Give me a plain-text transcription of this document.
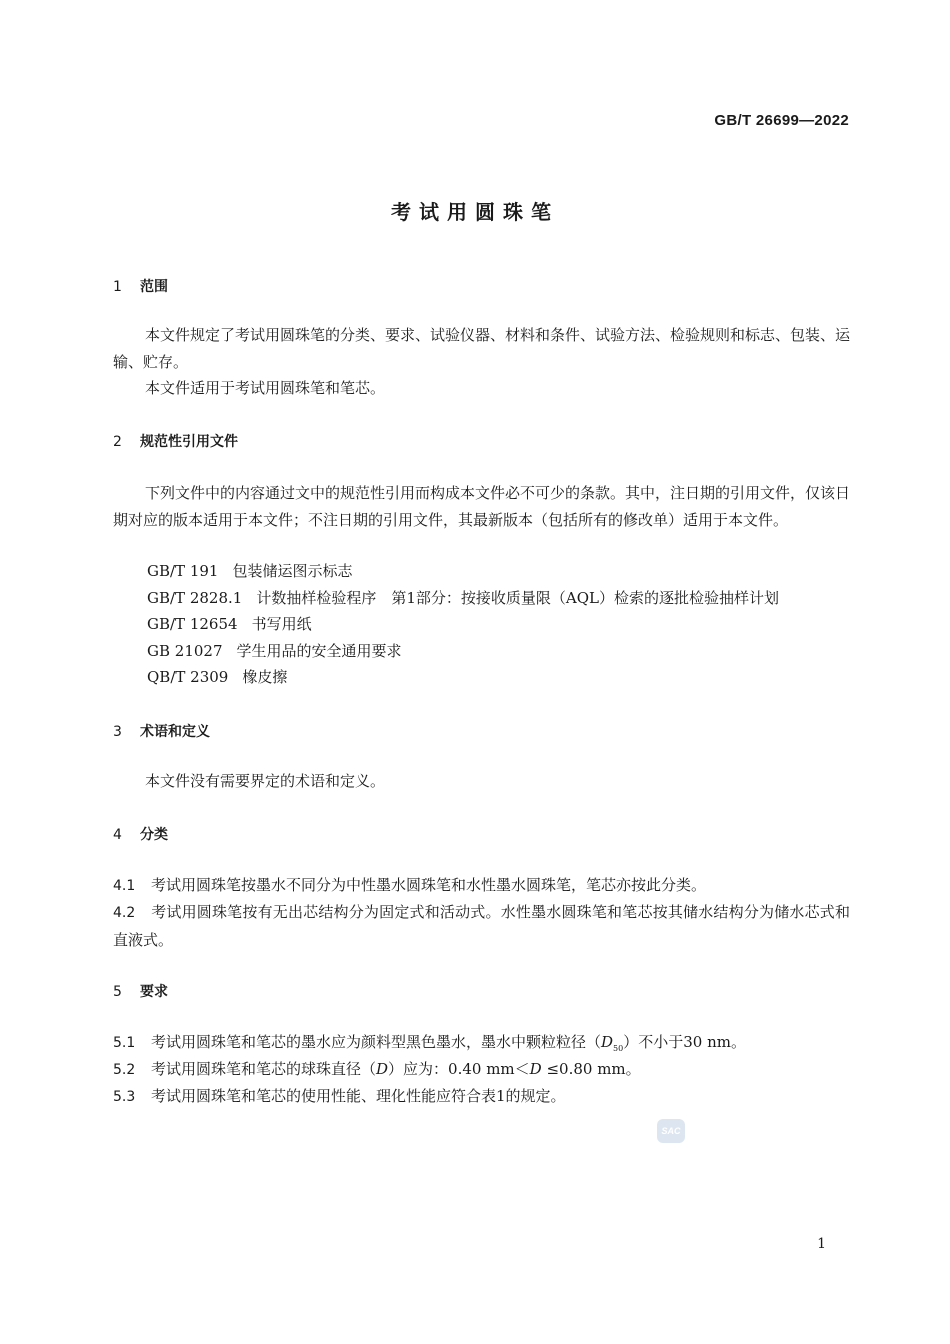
GB/T 26699—2022
考试用圆珠笔
1 范围
本文件规定了考试用圆珠笔的分类、要求、试验仪器、材料和条件、试验方法、检验规则和标志、包装、运输、贮存。
本文件适用于考试用圆珠笔和笔芯。
2 规范性引用文件
下列文件中的内容通过文中的规范性引用而构成本文件必不可少的条款。其中，注日期的引用文件，仅该日期对应的版本适用于本文件；不注日期的引用文件，其最新版本（包括所有的修改单）适用于本文件。
GB/T 191 包装储运图示标志
GB/T 2828.1 计数抽样检验程序　第1部分：按接收质量限（AQL）检索的逐批检验抽样计划
GB/T 12654 书写用纸
GB 21027 学生用品的安全通用要求
QB/T 2309 橡皮擦
3 术语和定义
本文件没有需要界定的术语和定义。
4 分类
4.1 考试用圆珠笔按墨水不同分为中性墨水圆珠笔和水性墨水圆珠笔，笔芯亦按此分类。
4.2 考试用圆珠笔按有无出芯结构分为固定式和活动式。水性墨水圆珠笔和笔芯按其储水结构分为储水芯式和直液式。
5 要求
5.1 考试用圆珠笔和笔芯的墨水应为颜料型黑色墨水，墨水中颗粒粒径$(D_{50})$不小于30 nm。
5.2 考试用圆珠笔和笔芯的球珠直径（D）应为：0.40 mm＜D ≤0.80 mm。
5.3 考试用圆珠笔和笔芯的使用性能、理化性能应符合表1的规定。
SAC
1
